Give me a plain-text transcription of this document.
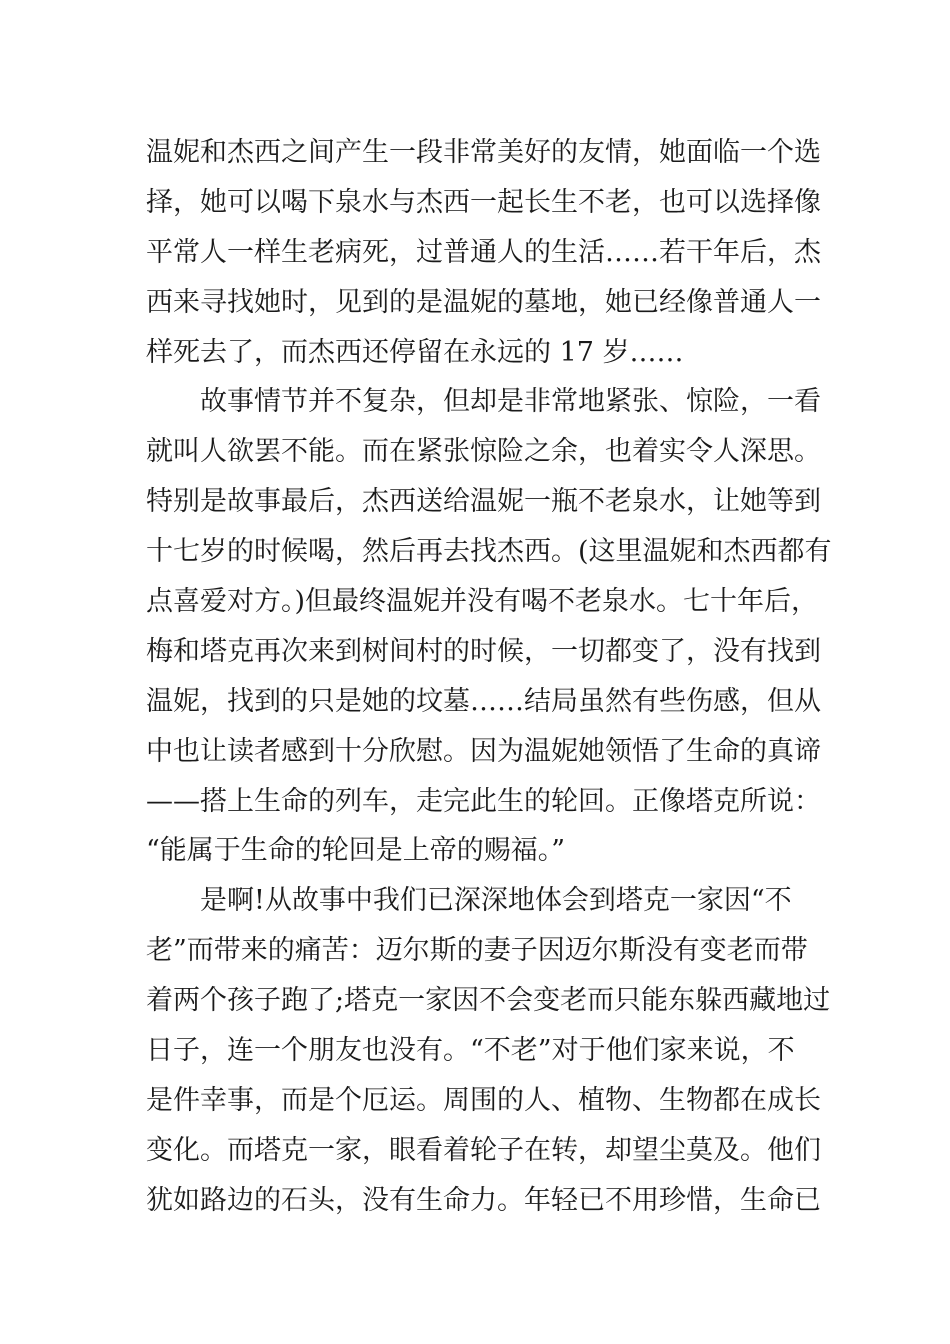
温妮和杰西之间产生一段非常美好的友情，她面临一个选
择，她可以喝下泉水与杰西一起长生不老，也可以选择像
平常人一样生老病死，过普通人的生活……若干年后，杰
西来寻找她时，见到的是温妮的墓地，她已经像普通人一
样死去了，而杰西还停留在永远的 17 岁……
故事情节并不复杂，但却是非常地紧张、惊险，一看
就叫人欲罢不能。而在紧张惊险之余，也着实令人深思。
特别是故事最后，杰西送给温妮一瓶不老泉水，让她等到
十七岁的时候喝，然后再去找杰西。(这里温妮和杰西都有
点喜爱对方。)但最终温妮并没有喝不老泉水。七十年后，
梅和塔克再次来到树间村的时候，一切都变了，没有找到
温妮，找到的只是她的坟墓……结局虽然有些伤感，但从
中也让读者感到十分欣慰。因为温妮她领悟了生命的真谛
——搭上生命的列车，走完此生的轮回。正像塔克所说：
“能属于生命的轮回是上帝的赐福。”
是啊!从故事中我们已深深地体会到塔克一家因“不
老”而带来的痛苦：迈尔斯的妻子因迈尔斯没有变老而带
着两个孩子跑了;塔克一家因不会变老而只能东躲西藏地过
日子，连一个朋友也没有。“不老”对于他们家来说，不
是件幸事，而是个厄运。周围的人、植物、生物都在成长
变化。而塔克一家，眼看着轮子在转，却望尘莫及。他们
犹如路边的石头，没有生命力。年轻已不用珍惜，生命已
